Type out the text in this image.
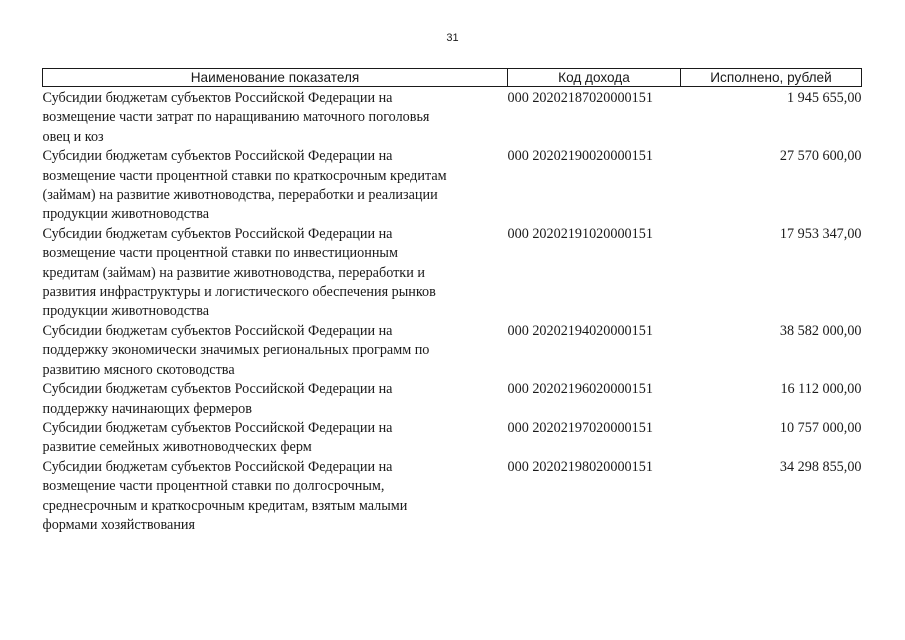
31
Наименование показателя	Код дохода	Исполнено, рублей

Субсидии бюджетам субъектов Российской Федерации на
возмещение части затрат по наращиванию маточного поголовья
овец и коз	000 20202187020000151	1 945 655,00

Субсидии бюджетам субъектов Российской Федерации на
возмещение части процентной ставки по краткосрочным кредитам
(займам) на развитие животноводства, переработки и реализации
продукции животноводства	000 20202190020000151	27 570 600,00

Субсидии бюджетам субъектов Российской Федерации на
возмещение части процентной ставки по инвестиционным
кредитам (займам) на развитие животноводства, переработки и
развития инфраструктуры и логистического обеспечения рынков
продукции животноводства	000 20202191020000151	17 953 347,00

Субсидии бюджетам субъектов Российской Федерации на
поддержку экономически значимых региональных программ по
развитию мясного скотоводства	000 20202194020000151	38 582 000,00

Субсидии бюджетам субъектов Российской Федерации на
поддержку начинающих фермеров	000 20202196020000151	16 112 000,00

Субсидии бюджетам субъектов Российской Федерации на
развитие семейных животноводческих ферм	000 20202197020000151	10 757 000,00

Субсидии бюджетам субъектов Российской Федерации на
возмещение части процентной ставки по долгосрочным,
среднесрочным и краткосрочным кредитам, взятым малыми
формами хозяйствования	000 20202198020000151	34 298 855,00
